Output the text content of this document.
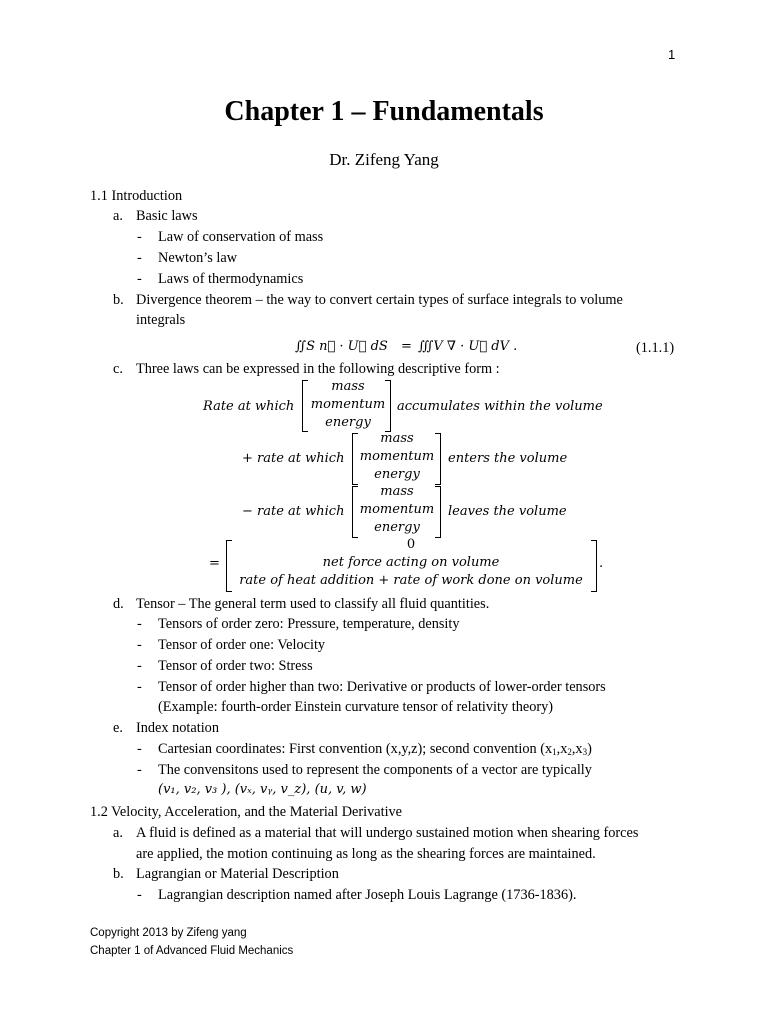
1
Chapter 1 – Fundamentals
Dr. Zifeng Yang
1.1 Introduction
a. Basic laws
- Law of conservation of mass
- Newton’s law
- Laws of thermodynamics
b. Divergence theorem – the way to convert certain types of surface integrals to volume
integrals
∬S n⃗ · U⃗ dS = ∭V ∇ · U⃗ dV .	(1.1.1)
c. Three laws can be expressed in the following descriptive form :
Rate at which
mass
momentum
energy
accumulates within the volume
+ rate at which
mass
momentum
energy
enters the volume
− rate at which
mass
momentum
energy
leaves the volume
=
0
net force acting on volume
rate of heat addition + rate of work done on volume
.
d. Tensor – The general term used to classify all fluid quantities.
- Tensors of order zero: Pressure, temperature, density
- Tensor of order one: Velocity
- Tensor of order two: Stress
- Tensor of order higher than two: Derivative or products of lower-order tensors
(Example: fourth-order Einstein curvature tensor of relativity theory)
e. Index notation
- Cartesian coordinates: First convention (x,y,z); second convention $(x_1,x_2,x_3)$
- The convensitons used to represent the components of a vector are typically
(v₁, v₂, v₃ ), (vₓ, vᵧ, v_z), (u, v, w)
1.2 Velocity, Acceleration, and the Material Derivative
a. A fluid is defined as a material that will undergo sustained motion when shearing forces
are applied, the motion continuing as long as the shearing forces are maintained.
b. Lagrangian or Material Description
- Lagrangian description named after Joseph Louis Lagrange (1736-1836).
Copyright 2013 by Zifeng yang
Chapter 1 of Advanced Fluid Mechanics
